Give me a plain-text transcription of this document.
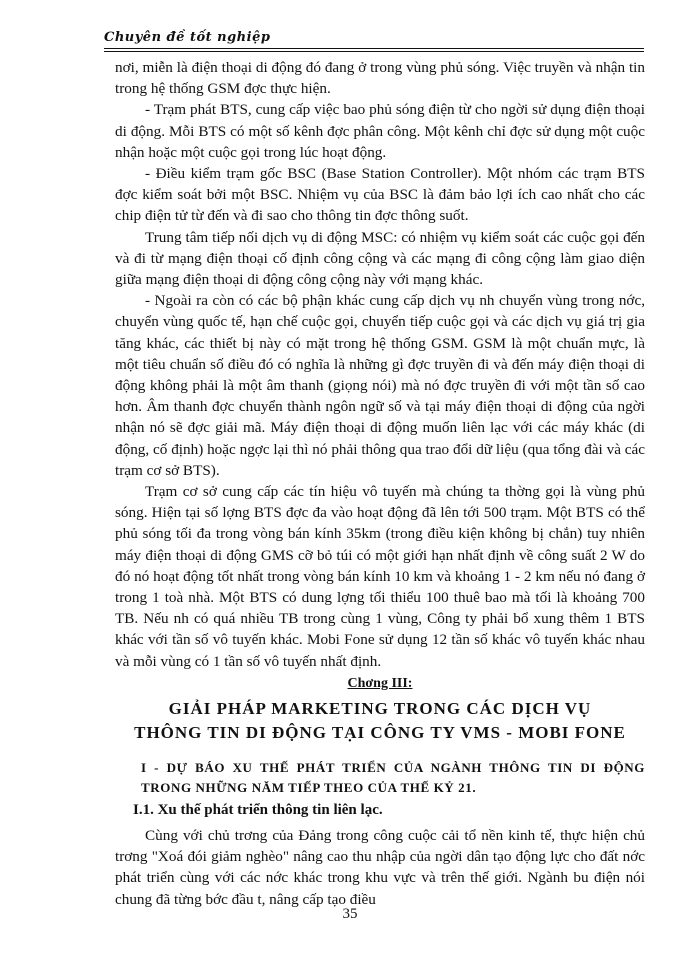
Chuyên đề tốt nghiệp

nơi, miễn là điện thoại di động đó đang ở trong vùng phủ sóng. Việc truyền và nhận tin trong hệ thống GSM đợc thực hiện.

- Trạm phát BTS, cung cấp việc bao phủ sóng điện từ cho ngời sử dụng điện thoại di động. Mỗi BTS có một số kênh đợc phân công. Một kênh chỉ đợc sử dụng một cuộc nhận hoặc một cuộc gọi trong lúc hoạt động.

- Điều kiểm trạm gốc BSC (Base Station Controller). Một nhóm các trạm BTS đợc kiểm soát bởi một BSC. Nhiệm vụ của BSC là đảm bảo lợi ích cao nhất cho các chip điện tử từ đến và đi sao cho thông tin đợc thông suốt.

Trung tâm tiếp nối dịch vụ di động MSC: có nhiệm vụ kiểm soát các cuộc gọi đến và đi từ mạng điện thoại cố định công cộng và các mạng đi công cộng làm giao diện giữa mạng điện thoại di động công cộng này với mạng khác.

- Ngoài ra còn có các bộ phận khác cung cấp dịch vụ nh chuyển vùng trong nớc, chuyển vùng quốc tế, hạn chế cuộc gọi, chuyển tiếp cuộc gọi và các dịch vụ giá trị gia tăng khác, các thiết bị này có mặt trong hệ thống GSM. GSM là một chuẩn mực, là một tiêu chuẩn số điều đó có nghĩa là những gì đợc truyền đi và đến máy điện thoại di động không phải là một âm thanh (giọng nói) mà nó đợc truyền đi với một tần số cao hơn. Âm thanh đợc chuyển thành ngôn ngữ số và tại máy điện thoại di động của ngời nhận nó sẽ đợc giải mã. Máy điện thoại di động muốn liên lạc với các máy khác (di động, cố định) hoặc ngợc lại thì nó phải thông qua trao đổi dữ liệu (qua tổng đài và các trạm cơ sở BTS).

Trạm cơ sở cung cấp các tín hiệu vô tuyến mà chúng ta thờng gọi là vùng phủ sóng. Hiện tại số lợng BTS đợc đa vào hoạt động đã lên tới 500 trạm. Một BTS có thể phủ sóng tối đa trong vòng bán kính 35km (trong điều kiện không bị chắn) tuy nhiên máy điện thoại di động GMS cỡ bỏ túi có một giới hạn nhất định về công suất 2 W do đó nó hoạt động tốt nhất trong vòng bán kính 10 km và khoảng 1 - 2 km nếu nó đang ở trong 1 toà nhà. Một BTS có dung lợng tối thiểu 100 thuê bao mà tối là khoảng 700 TB. Nếu nh có quá nhiều TB trong cùng 1 vùng, Công ty phải bổ xung thêm 1 BTS khác với tần số vô tuyến khác. Mobi Fone sử dụng 12 tần số khác vô tuyến khác nhau và mỗi vùng có 1 tần số vô tuyến nhất định.

Chơng III:
GIẢI PHÁP MARKETING TRONG CÁC DỊCH VỤ
THÔNG TIN DI ĐỘNG TẠI CÔNG TY VMS - MOBI FONE
I - DỰ BÁO XU THẾ PHÁT TRIỂN CỦA NGÀNH THÔNG TIN DI ĐỘNG TRONG NHỮNG NĂM TIẾP THEO CỦA THẾ KỶ 21.
I.1. Xu thế phát triển thông tin liên lạc.

Cùng với chủ trơng của Đảng trong công cuộc cải tổ nền kinh tế, thực hiện chủ trơng "Xoá đói giảm nghèo" nâng cao thu nhập của ngời dân tạo động lực cho đất nớc phát triển cùng với các nớc khác trong khu vực và trên thế giới. Ngành bu điện nói chung đã từng bớc đầu t, nâng cấp tạo điều

35
